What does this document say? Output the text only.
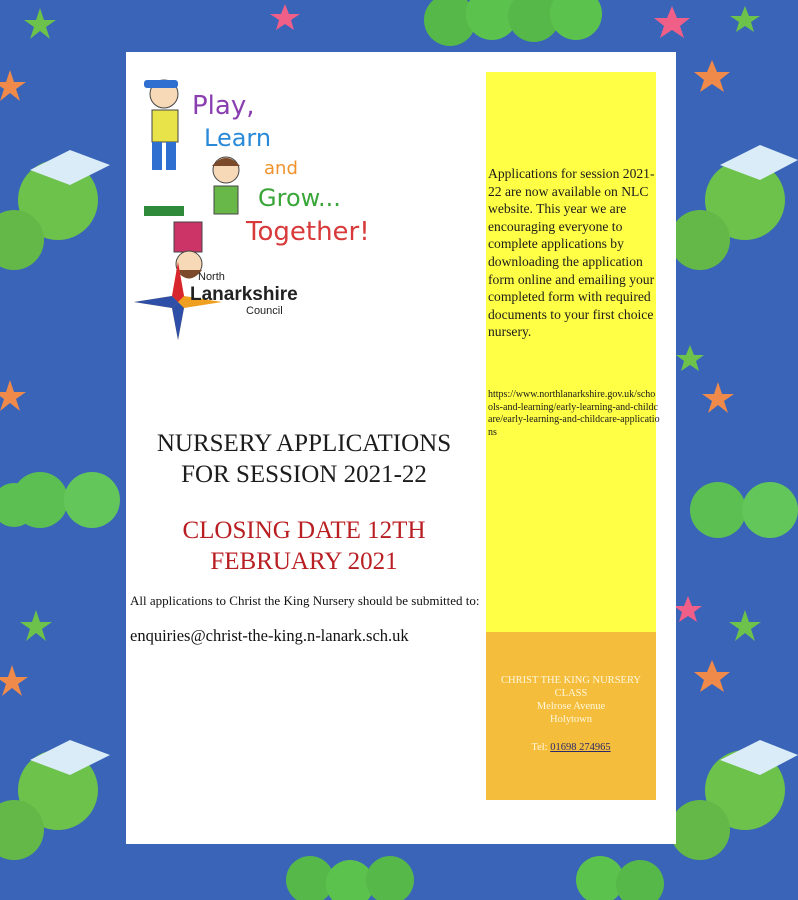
Play,
Learn
and
Grow...
Together!
North
Lanarkshire
Council
NURSERY APPLICATIONS
FOR SESSION 2021-22
CLOSING DATE 12TH
FEBRUARY 2021
All applications to Christ the King Nursery should be submitted to:
enquiries@christ-the-king.n-lanark.sch.uk
Applications for session 2021-22 are now available on NLC website. This year we are encouraging everyone to complete applications by downloading the application form online and emailing your completed form with required documents to your first choice nursery.
https://www.northlanarkshire.gov.uk/schools-and-learning/early-learning-and-childcare/early-learning-and-childcare-applications
CHRIST THE KING NURSERY CLASS
Melrose Avenue
Holytown
Tel: 01698 274965
